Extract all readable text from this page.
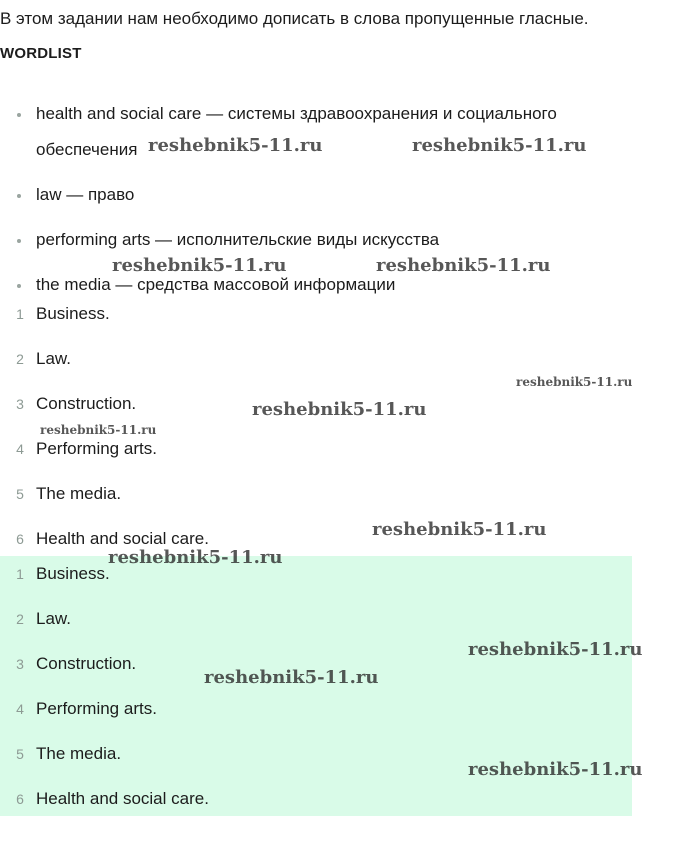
В этом задании нам необходимо дописать в слова пропущенные гласные.
WORDLIST
health and social care — системы здравоохранения и социального обеспечения
law — право
performing arts — исполнительские виды искусства
the media — средства массовой информации
1 Business.
2 Law.
3 Construction.
4 Performing arts.
5 The media.
6 Health and social care.
1 Business.
2 Law.
3 Construction.
4 Performing arts.
5 The media.
6 Health and social care.
reshebnik5-11.ru	reshebnik5-11.ru
reshebnik5-11.ru	reshebnik5-11.ru
reshebnik5-11.ru
reshebnik5-11.ru
reshebnik5-11.ru
reshebnik5-11.ru
reshebnik5-11.ru
reshebnik5-11.ru
reshebnik5-11.ru
reshebnik5-11.ru
